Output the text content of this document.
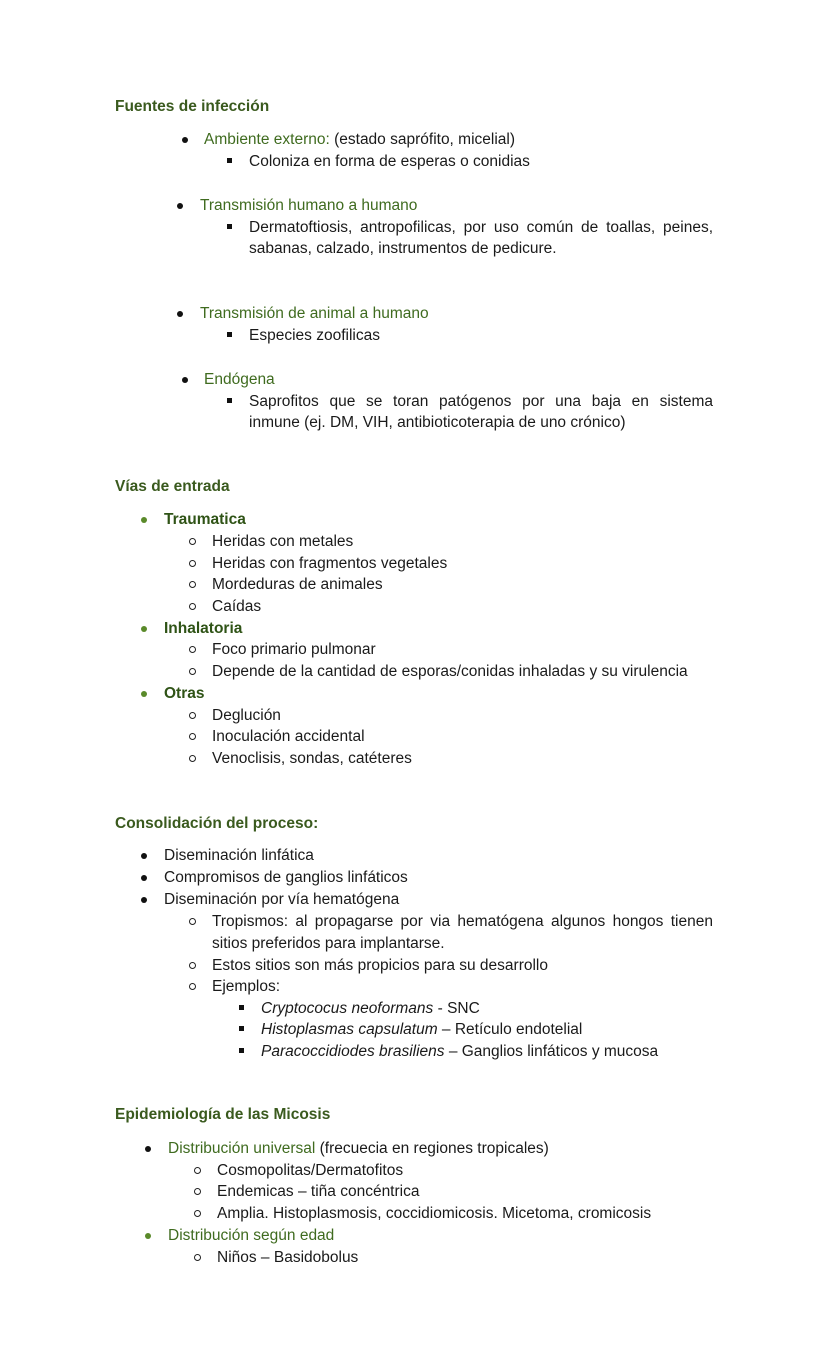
Fuentes de infección
Ambiente externo: (estado saprófito, micelial)
Coloniza en forma de esperas o conidias
Transmisión humano a humano
Dermatoftiosis, antropofilicas, por uso común de toallas, peines,
sabanas, calzado, instrumentos de pedicure.
Transmisión de animal a humano
Especies zoofilicas
Endógena
Saprofitos que se toran patógenos por una baja en sistema
inmune (ej. DM, VIH, antibioticoterapia de uno crónico)
Vías de entrada
Traumatica
Heridas con metales
Heridas con fragmentos vegetales
Mordeduras de animales
Caídas
Inhalatoria
Foco primario pulmonar
Depende de la cantidad de esporas/conidas inhaladas y su virulencia
Otras
Deglución
Inoculación accidental
Venoclisis, sondas, catéteres
Consolidación del proceso:
Diseminación linfática
Compromisos de ganglios linfáticos
Diseminación por vía hematógena
Tropismos: al propagarse por via hematógena algunos hongos tienen
sitios preferidos para implantarse.
Estos sitios son más propicios para su desarrollo
Ejemplos:
Cryptococus neoformans - SNC
Histoplasmas capsulatum – Retículo endotelial
Paracoccidiodes brasiliens – Ganglios linfáticos y mucosa
Epidemiología de las Micosis
Distribución universal (frecuecia en regiones tropicales)
Cosmopolitas/Dermatofitos
Endemicas – tiña concéntrica
Amplia. Histoplasmosis, coccidiomicosis. Micetoma, cromicosis
Distribución según edad
Niños – Basidobolus
